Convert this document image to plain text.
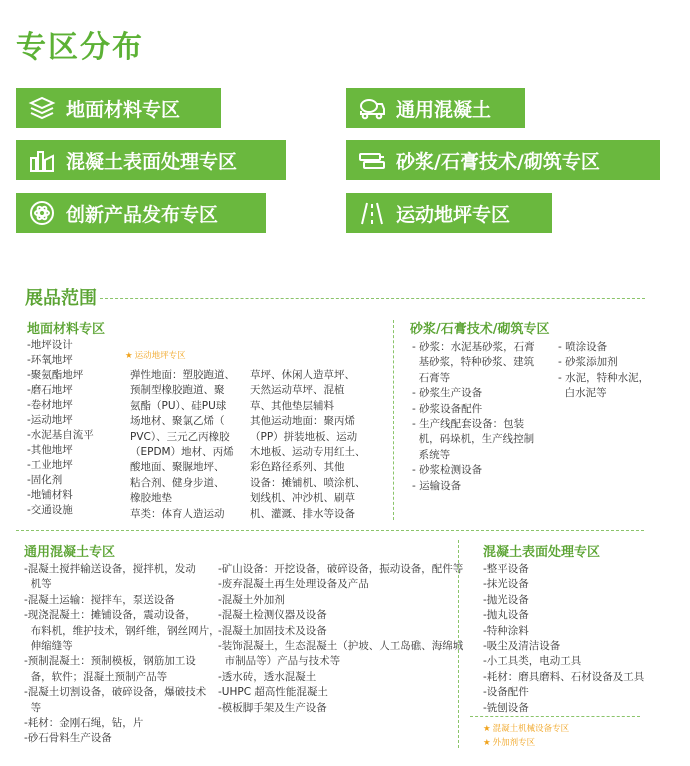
专区分布
地面材料专区	通用混凝土
混凝土表面处理专区	砂浆/石膏技术/砌筑专区
创新产品发布专区	运动地坪专区
展品范围
地面材料专区
-地坪设计
-环氧地坪
-聚氨酯地坪
-磨石地坪
-卷材地坪
-运动地坪
-水泥基自流平
-其他地坪
-工业地坪
-固化剂
-地铺材料
-交通设施
★ 运动地坪专区
弹性地面：塑胶跑道、
预制型橡胶跑道、聚
氨酯（PU）、硅PU球
场地材、聚氯乙烯（
PVC）、三元乙丙橡胶
（EPDM）地材、丙烯
酸地面、聚脲地坪、
粘合剂、健身步道、
橡胶地垫
草类：体育人造运动
草坪、休闲人造草坪、
天然运动草坪、混植
草、其他垫层辅料
其他运动地面：聚丙烯
（PP）拼装地板、运动
木地板、运动专用红土、
彩色路径系列、其他
设备：摊铺机、喷涂机、
划线机、冲沙机、刷草
机、灌溉、排水等设备
砂浆/石膏技术/砌筑专区
- 砂浆：水泥基砂浆，石膏
基砂浆，特种砂浆、建筑
石膏等
- 砂浆生产设备
- 砂浆设备配件
- 生产线配套设备：包装
机，码垛机，生产线控制
系统等
- 砂浆检测设备
- 运输设备
- 喷涂设备
- 砂浆添加剂
- 水泥，特种水泥，
白水泥等
通用混凝土专区
-混凝土搅拌输送设备，搅拌机，发动
机等
-混凝土运输：搅拌车，泵送设备
-现浇混凝土：摊铺设备，震动设备，
布料机，维护技术，钢纤维，钢丝网片，
伸缩缝等
-预制混凝土：预制模板，钢筋加工设
备，软件；混凝土预制产品等
-混凝土切割设备，破碎设备，爆破技术
等
-耗材：金刚石绳，钻，片
-砂石骨料生产设备
-矿山设备：开挖设备，破碎设备，振动设备，配件等
-废弃混凝土再生处理设备及产品
-混凝土外加剂
-混凝土检测仪器及设备
-混凝土加固技术及设备
-装饰混凝土，生态混凝土（护坡、人工岛礁、海绵城
市制品等）产品与技术等
-透水砖，透水混凝土
-UHPC 超高性能混凝土
-模板脚手架及生产设备
混凝土表面处理专区
-整平设备
-抹光设备
-抛光设备
-抛丸设备
-特种涂料
-吸尘及清洁设备
-小工具类，电动工具
-耗材：磨具磨料、石材设备及工具
-设备配件
-铣刨设备
★ 混凝土机械设备专区
★ 外加剂专区
